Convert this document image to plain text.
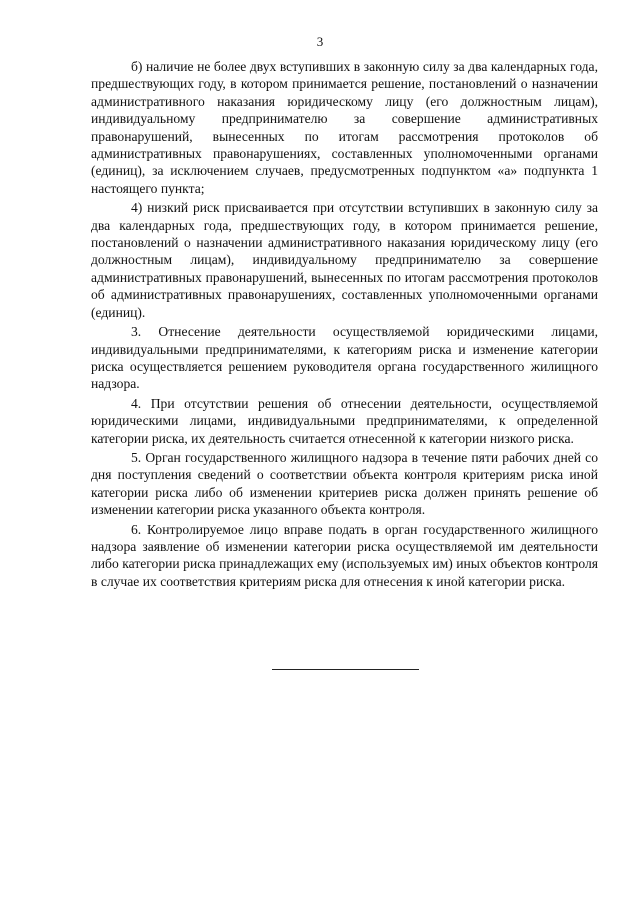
3

б) наличие не более двух вступивших в законную силу за два календарных года, предшествующих году, в котором принимается решение, постановлений о назначении административного наказания юридическому лицу (его должностным лицам), индивидуальному предпринимателю за совершение административных правонарушений, вынесенных по итогам рассмотрения протоколов об административных правонарушениях, составленных уполномоченными органами (единиц), за исключением случаев, предусмотренных подпунктом «а» подпункта 1 настоящего пункта;

4) низкий риск присваивается при отсутствии вступивших в законную силу за два календарных года, предшествующих году, в котором принимается решение, постановлений о назначении административного наказания юридическому лицу (его должностным лицам), индивидуальному предпринимателю за совершение административных правонарушений, вынесенных по итогам рассмотрения протоколов об административных правонарушениях, составленных уполномоченными органами (единиц).

3. Отнесение деятельности осуществляемой юридическими лицами, индивидуальными предпринимателями, к категориям риска и изменение категории риска осуществляется решением руководителя органа государственного жилищного надзора.

4. При отсутствии решения об отнесении деятельности, осуществляемой юридическими лицами, индивидуальными предпринимателями, к определенной категории риска, их деятельность считается отнесенной к категории низкого риска.

5. Орган государственного жилищного надзора в течение пяти рабочих дней со дня поступления сведений о соответствии объекта контроля критериям риска иной категории риска либо об изменении критериев риска должен принять решение об изменении категории риска указанного объекта контроля.

6. Контролируемое лицо вправе подать в орган государственного жилищного надзора заявление об изменении категории риска осуществляемой им деятельности либо категории риска принадлежащих ему (используемых им) иных объектов контроля в случае их соответствия критериям риска для отнесения к иной категории риска.
